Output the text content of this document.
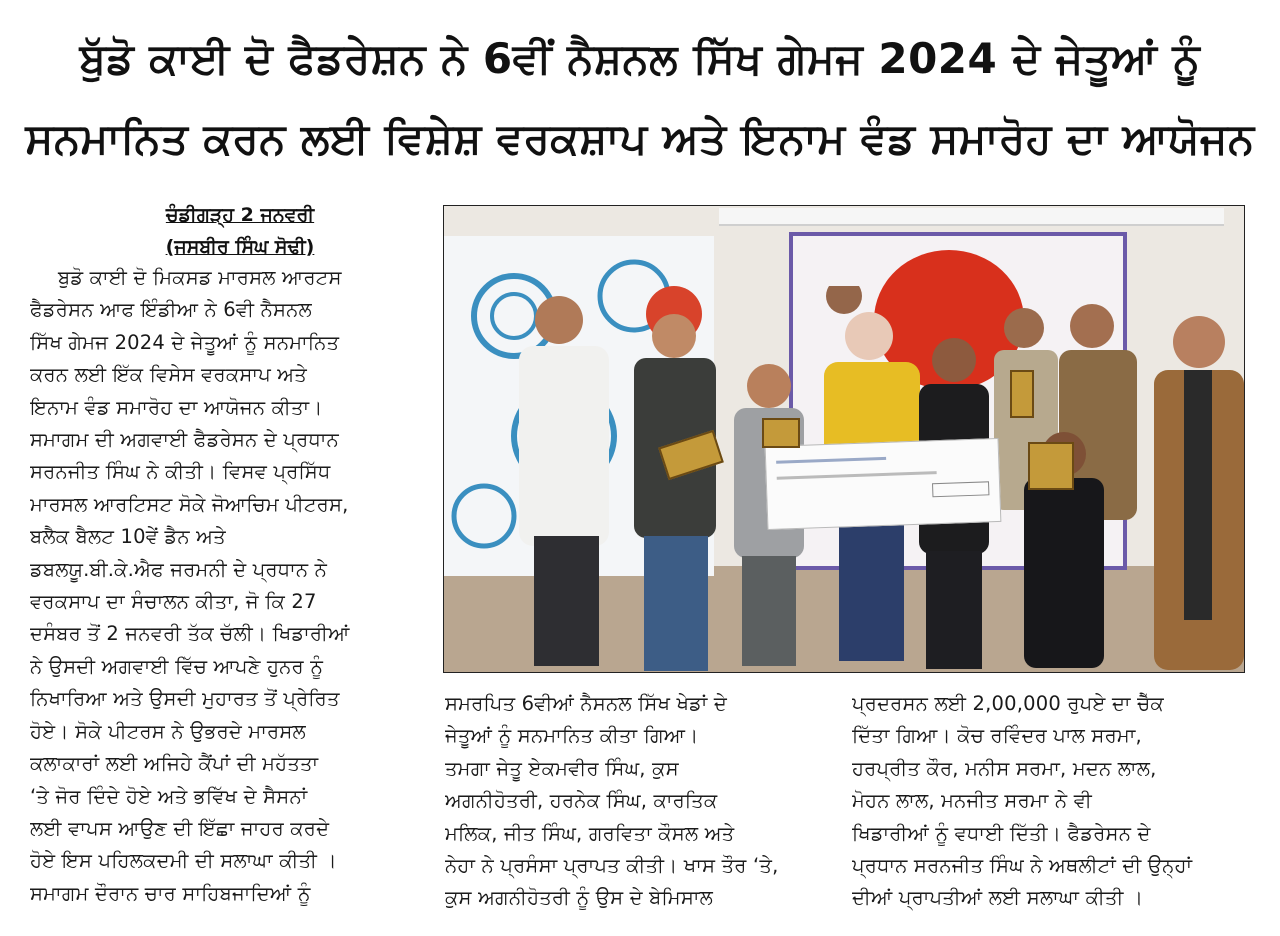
ਬੁੱਡੋ ਕਾਈ ਦੋ ਫੈਡਰੇਸ਼ਨ ਨੇ 6ਵੀਂ ਨੈਸ਼ਨਲ ਸਿੱਖ ਗੇਮਜ 2024 ਦੇ ਜੇਤੂਆਂ ਨੂੰ
ਸਨਮਾਨਿਤ ਕਰਨ ਲਈ ਵਿਸ਼ੇਸ਼ ਵਰਕਸ਼ਾਪ ਅਤੇ ਇਨਾਮ ਵੰਡ ਸਮਾਰੋਹ ਦਾ ਆਯੋਜਨ
ਚੰਡੀਗੜ੍ਹ 2 ਜਨਵਰੀ
(ਜਸਬੀਰ ਸਿੰਘ ਸੋਢੀ)
ਬੁਡੋ ਕਾਈ ਦੋ ਮਿਕਸਡ ਮਾਰਸਲ ਆਰਟਸ
ਫੈਡਰੇਸਨ ਆਫ ਇੰਡੀਆ ਨੇ 6ਵੀ ਨੈਸਨਲ
ਸਿੱਖ ਗੇਮਜ 2024 ਦੇ ਜੇਤੂਆਂ ਨੂੰ ਸਨਮਾਨਿਤ
ਕਰਨ ਲਈ ਇੱਕ ਵਿਸੇਸ ਵਰਕਸਾਪ ਅਤੇ
ਇਨਾਮ ਵੰਡ ਸਮਾਰੋਹ ਦਾ ਆਯੋਜਨ ਕੀਤਾ।
ਸਮਾਗਮ ਦੀ ਅਗਵਾਈ ਫੈਡਰੇਸਨ ਦੇ ਪ੍ਰਧਾਨ
ਸਰਨਜੀਤ ਸਿੰਘ ਨੇ ਕੀਤੀ। ਵਿਸਵ ਪ੍ਰਸਿੱਧ
ਮਾਰਸਲ ਆਰਟਿਸਟ ਸੋਕੇ ਜੋਆਚਿਮ ਪੀਟਰਸ,
ਬਲੈਕ ਬੈਲਟ 10ਵੇਂ ਡੈਨ ਅਤੇ
ਡਬਲਯੂ.ਬੀ.ਕੇ.ਐਫ ਜਰਮਨੀ ਦੇ ਪ੍ਰਧਾਨ ਨੇ
ਵਰਕਸਾਪ ਦਾ ਸੰਚਾਲਨ ਕੀਤਾ, ਜੋ ਕਿ 27
ਦਸੰਬਰ ਤੋਂ 2 ਜਨਵਰੀ ਤੱਕ ਚੱਲੀ। ਖਿਡਾਰੀਆਂ
ਨੇ ਉਸਦੀ ਅਗਵਾਈ ਵਿੱਚ ਆਪਣੇ ਹੁਨਰ ਨੂੰ
ਨਿਖਾਰਿਆ ਅਤੇ ਉਸਦੀ ਮੁਹਾਰਤ ਤੋਂ ਪ੍ਰੇਰਿਤ
ਹੋਏ। ਸੋਕੇ ਪੀਟਰਸ ਨੇ ਉਭਰਦੇ ਮਾਰਸਲ
ਕਲਾਕਾਰਾਂ ਲਈ ਅਜਿਹੇ ਕੈਂਪਾਂ ਦੀ ਮਹੱਤਤਾ
‘ਤੇ ਜੋਰ ਦਿੰਦੇ ਹੋਏ ਅਤੇ ਭਵਿੱਖ ਦੇ ਸੈਸਨਾਂ
ਲਈ ਵਾਪਸ ਆਉਣ ਦੀ ਇੱਛਾ ਜਾਹਰ ਕਰਦੇ
ਹੋਏ ਇਸ ਪਹਿਲਕਦਮੀ ਦੀ ਸਲਾਘਾ ਕੀਤੀ ।
ਸਮਾਗਮ ਦੌਰਾਨ ਚਾਰ ਸਾਹਿਬਜਾਦਿਆਂ ਨੂੰ
ਸਮਰਪਿਤ 6ਵੀਆਂ ਨੈਸਨਲ ਸਿੱਖ ਖੇਡਾਂ ਦੇ
ਜੇਤੂਆਂ ਨੂੰ ਸਨਮਾਨਿਤ ਕੀਤਾ ਗਿਆ।
ਤਮਗਾ ਜੇਤੂ ਏਕਮਵੀਰ ਸਿੰਘ, ਕੁਸ
ਅਗਨੀਹੋਤਰੀ, ਹਰਨੇਕ ਸਿੰਘ, ਕਾਰਤਿਕ
ਮਲਿਕ, ਜੀਤ ਸਿੰਘ, ਗਰਵਿਤਾ ਕੌਸਲ ਅਤੇ
ਨੇਹਾ ਨੇ ਪ੍ਰਸੰਸਾ ਪ੍ਰਾਪਤ ਕੀਤੀ। ਖਾਸ ਤੌਰ ‘ਤੇ,
ਕੁਸ ਅਗਨੀਹੋਤਰੀ ਨੂੰ ਉਸ ਦੇ ਬੇਮਿਸਾਲ
ਪ੍ਰਦਰਸਨ ਲਈ 2,00,000 ਰੁਪਏ ਦਾ ਚੈੱਕ
ਦਿੱਤਾ ਗਿਆ। ਕੋਚ ਰਵਿੰਦਰ ਪਾਲ ਸਰਮਾ,
ਹਰਪ੍ਰੀਤ ਕੌਰ, ਮਨੀਸ ਸਰਮਾ, ਮਦਨ ਲਾਲ,
ਮੋਹਨ ਲਾਲ, ਮਨਜੀਤ ਸਰਮਾ ਨੇ ਵੀ
ਖਿਡਾਰੀਆਂ ਨੂੰ ਵਧਾਈ ਦਿੱਤੀ। ਫੈਡਰੇਸਨ ਦੇ
ਪ੍ਰਧਾਨ ਸਰਨਜੀਤ ਸਿੰਘ ਨੇ ਅਥਲੀਟਾਂ ਦੀ ਉਨ੍ਹਾਂ
ਦੀਆਂ ਪ੍ਰਾਪਤੀਆਂ ਲਈ ਸਲਾਘਾ ਕੀਤੀ ।
